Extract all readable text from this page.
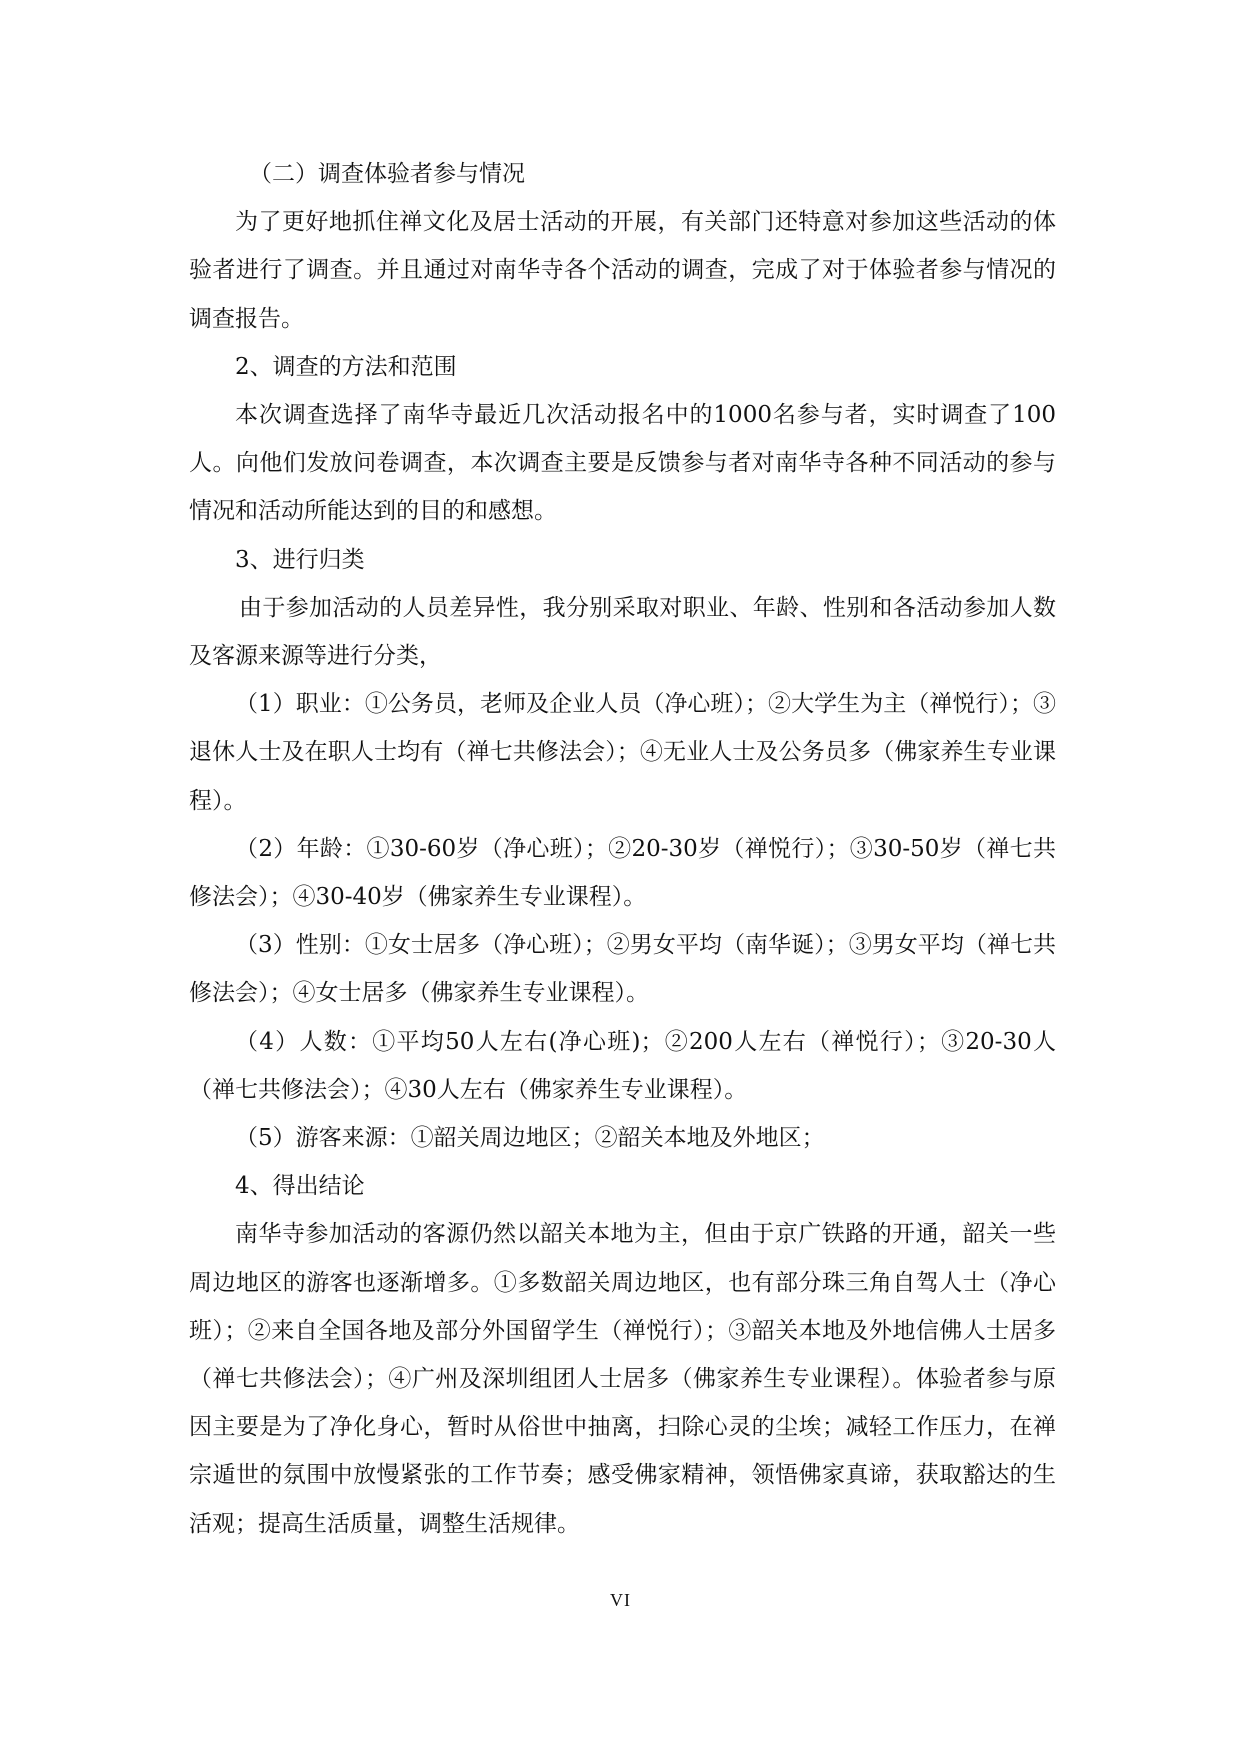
（二）调查体验者参与情况

为了更好地抓住禅文化及居士活动的开展，有关部门还特意对参加这些活动的体验者进行了调查。并且通过对南华寺各个活动的调查，完成了对于体验者参与情况的调查报告。

2、调查的方法和范围

本次调查选择了南华寺最近几次活动报名中的1000名参与者，实时调查了100人。向他们发放问卷调查，本次调查主要是反馈参与者对南华寺各种不同活动的参与情况和活动所能达到的目的和感想。

3、进行归类

由于参加活动的人员差异性，我分别采取对职业、年龄、性别和各活动参加人数及客源来源等进行分类，

（1）职业：①公务员，老师及企业人员（净心班）；②大学生为主（禅悦行）；③退休人士及在职人士均有（禅七共修法会）；④无业人士及公务员多（佛家养生专业课程）。

（2）年龄：①30-60岁（净心班）；②20-30岁（禅悦行）；③30-50岁（禅七共修法会）；④30-40岁（佛家养生专业课程）。

（3）性别：①女士居多（净心班）；②男女平均（南华诞）；③男女平均（禅七共修法会）；④女士居多（佛家养生专业课程）。

（4）人数：①平均50人左右(净心班)；②200人左右（禅悦行）；③20-30人（禅七共修法会）；④30人左右（佛家养生专业课程）。

（5）游客来源：①韶关周边地区；②韶关本地及外地区；

4、得出结论

南华寺参加活动的客源仍然以韶关本地为主，但由于京广铁路的开通，韶关一些周边地区的游客也逐渐增多。①多数韶关周边地区，也有部分珠三角自驾人士（净心班）；②来自全国各地及部分外国留学生（禅悦行）；③韶关本地及外地信佛人士居多（禅七共修法会）；④广州及深圳组团人士居多（佛家养生专业课程）。体验者参与原因主要是为了净化身心，暂时从俗世中抽离，扫除心灵的尘埃；减轻工作压力，在禅宗遁世的氛围中放慢紧张的工作节奏；感受佛家精神，领悟佛家真谛，获取豁达的生活观；提高生活质量，调整生活规律。

VI
